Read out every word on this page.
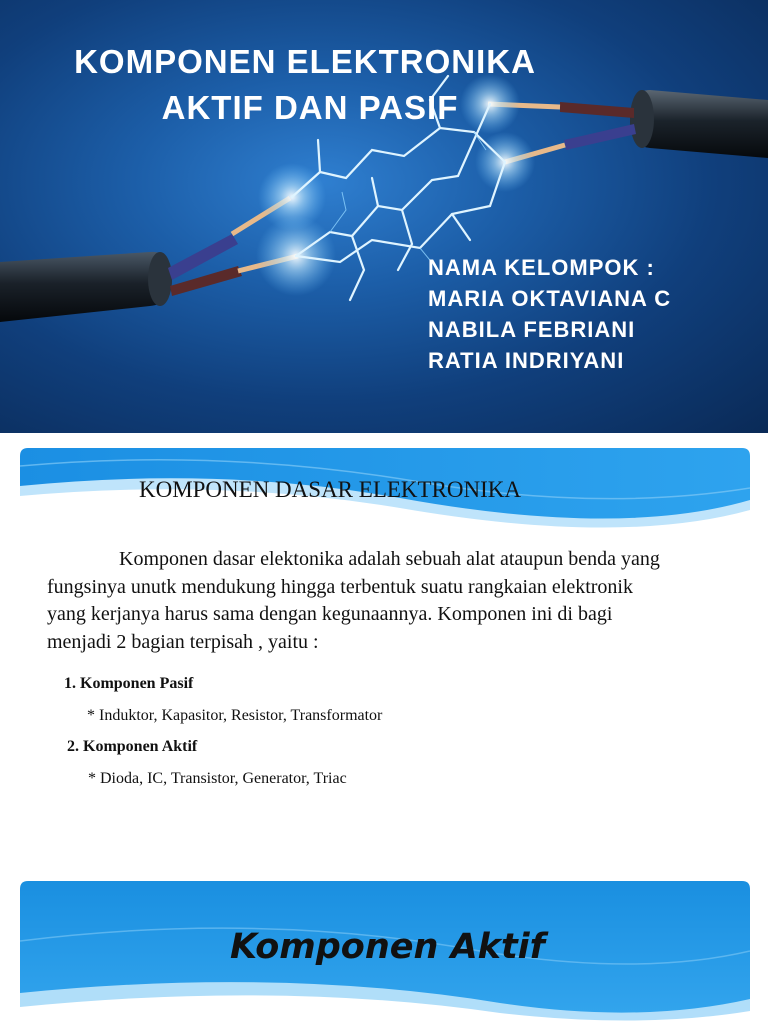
KOMPONEN ELEKTRONIKA
AKTIF DAN PASIF
NAMA KELOMPOK :
MARIA OKTAVIANA C
NABILA FEBRIANI
RATIA INDRIYANI
KOMPONEN DASAR ELEKTRONIKA
Komponen dasar elektonika adalah sebuah alat ataupun benda yang
fungsinya unutk mendukung hingga terbentuk suatu rangkaian elektronik
yang kerjanya harus sama dengan kegunaannya. Komponen ini di bagi
menjadi 2 bagian terpisah , yaitu :
1. Komponen Pasif
* Induktor, Kapasitor, Resistor, Transformator
2. Komponen Aktif
* Dioda, IC, Transistor, Generator, Triac
Komponen Aktif
